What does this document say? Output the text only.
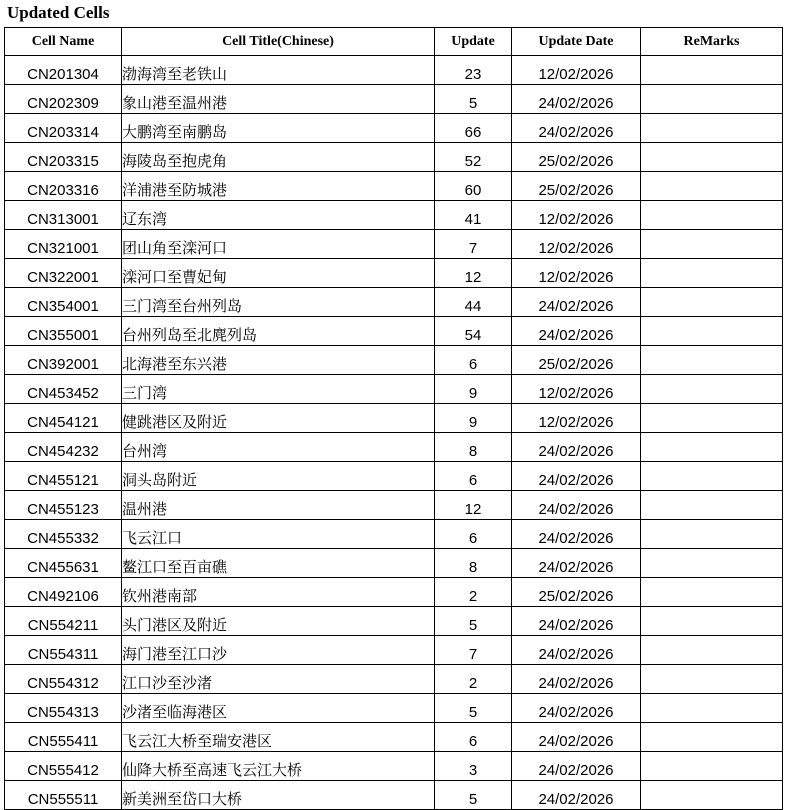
Updated Cells
Cell Name	Cell Title(Chinese)	Update	Update Date	ReMarks
CN201304	渤海湾至老铁山	23	12/02/2026	
CN202309	象山港至温州港	5	24/02/2026	
CN203314	大鹏湾至南鹏岛	66	24/02/2026	
CN203315	海陵岛至抱虎角	52	25/02/2026	
CN203316	洋浦港至防城港	60	25/02/2026	
CN313001	辽东湾	41	12/02/2026	
CN321001	团山角至滦河口	7	12/02/2026	
CN322001	滦河口至曹妃甸	12	12/02/2026	
CN354001	三门湾至台州列岛	44	24/02/2026	
CN355001	台州列岛至北麂列岛	54	24/02/2026	
CN392001	北海港至东兴港	6	25/02/2026	
CN453452	三门湾	9	12/02/2026	
CN454121	健跳港区及附近	9	12/02/2026	
CN454232	台州湾	8	24/02/2026	
CN455121	洞头岛附近	6	24/02/2026	
CN455123	温州港	12	24/02/2026	
CN455332	飞云江口	6	24/02/2026	
CN455631	鳌江口至百亩礁	8	24/02/2026	
CN492106	钦州港南部	2	25/02/2026	
CN554211	头门港区及附近	5	24/02/2026	
CN554311	海门港至江口沙	7	24/02/2026	
CN554312	江口沙至沙渚	2	24/02/2026	
CN554313	沙渚至临海港区	5	24/02/2026	
CN555411	飞云江大桥至瑞安港区	6	24/02/2026	
CN555412	仙降大桥至高速飞云江大桥	3	24/02/2026	
CN555511	新美洲至岱口大桥	5	24/02/2026	
